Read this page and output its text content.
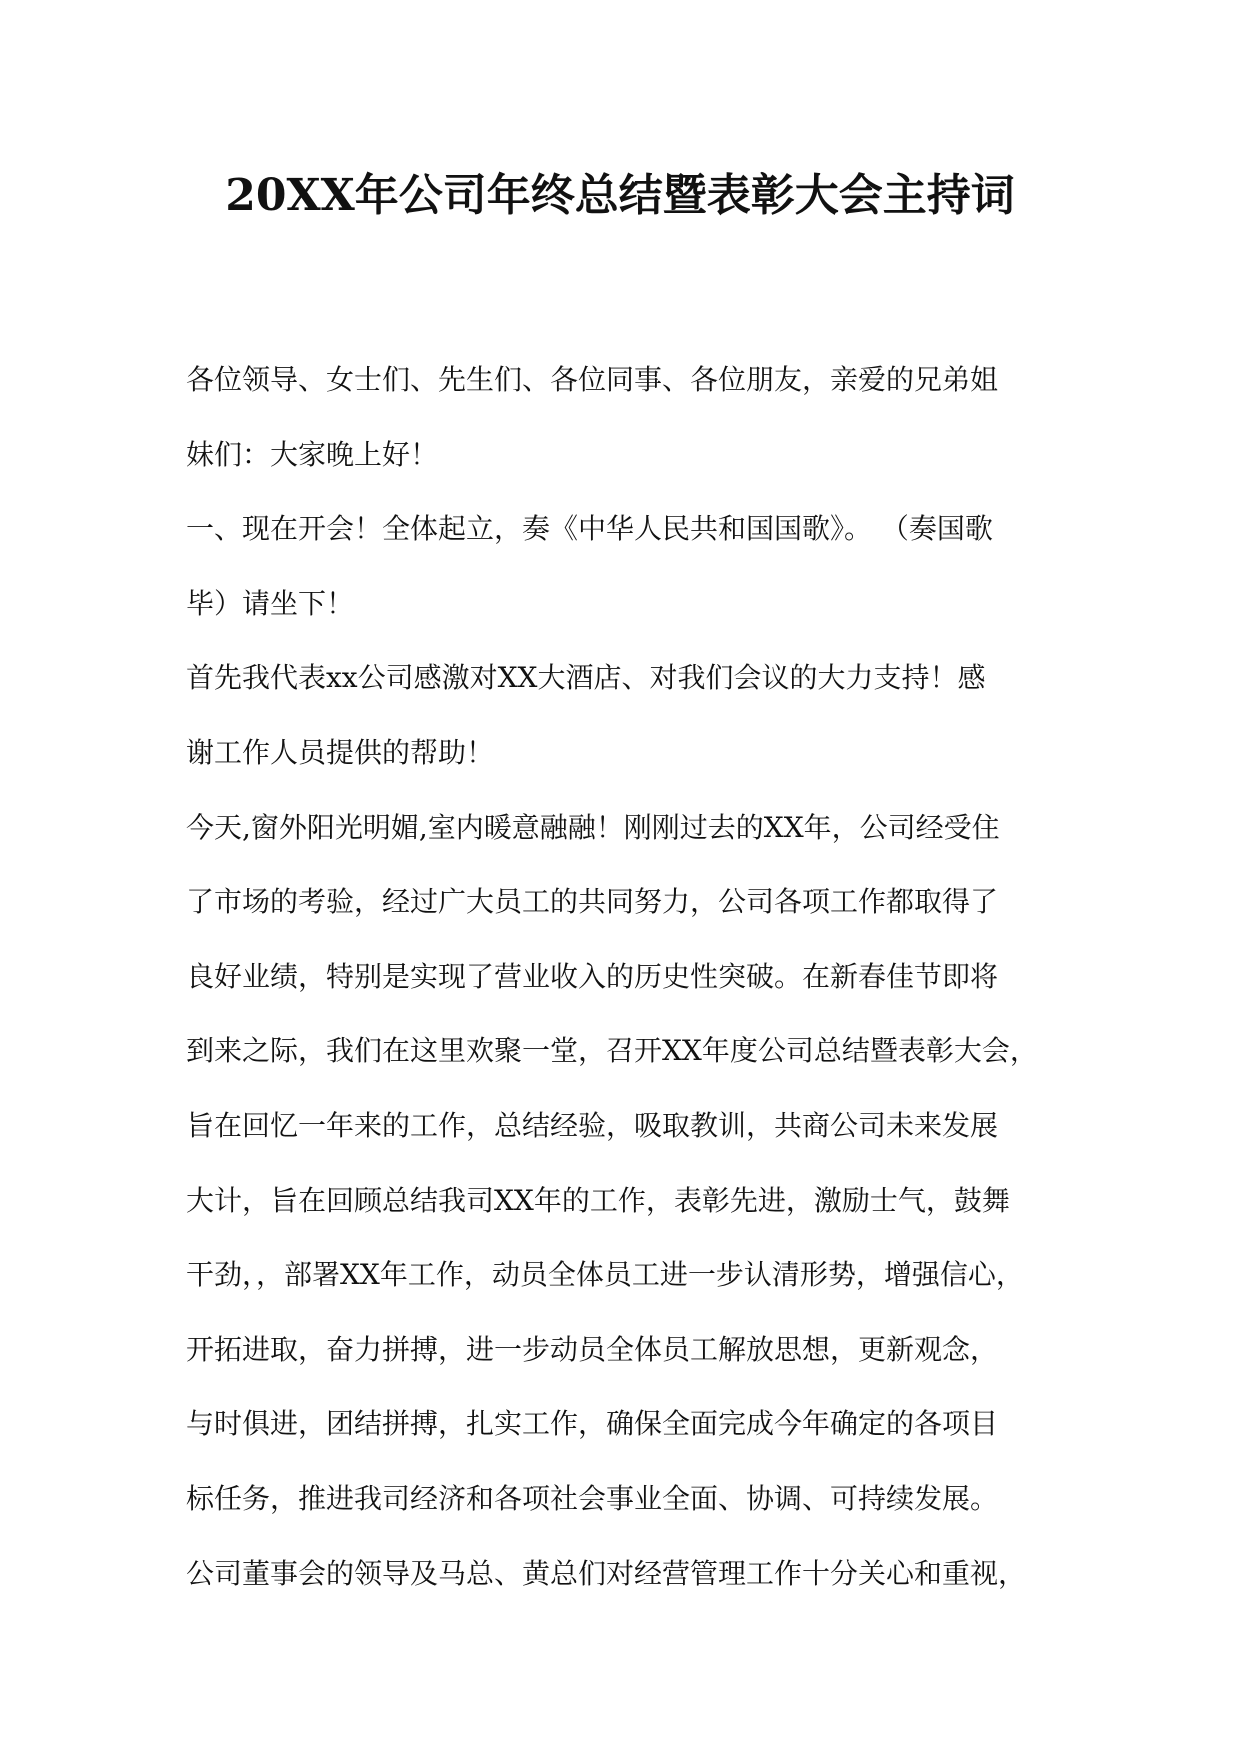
20XX年公司年终总结暨表彰大会主持词

各位领导、女士们、先生们、各位同事、各位朋友，亲爱的兄弟姐

妹们：大家晚上好！

一、现在开会！全体起立，奏《中华人民共和国国歌》。 （奏国歌

毕）请坐下！

首先我代表xx公司感激对XX大酒店、对我们会议的大力支持！感

谢工作人员提供的帮助！

今天,窗外阳光明媚,室内暖意融融！刚刚过去的XX年，公司经受住

了市场的考验，经过广大员工的共同努力，公司各项工作都取得了

良好业绩，特别是实现了营业收入的历史性突破。在新春佳节即将

到来之际，我们在这里欢聚一堂，召开XX年度公司总结暨表彰大会，

旨在回忆一年来的工作，总结经验，吸取教训，共商公司未来发展

大计，旨在回顾总结我司XX年的工作，表彰先进，激励士气，鼓舞

干劲，，部署XX年工作，动员全体员工进一步认清形势，增强信心，

开拓进取，奋力拼搏，进一步动员全体员工解放思想，更新观念，

与时俱进，团结拼搏，扎实工作，确保全面完成今年确定的各项目

标任务，推进我司经济和各项社会事业全面、协调、可持续发展。

公司董事会的领导及马总、黄总们对经营管理工作十分关心和重视，
